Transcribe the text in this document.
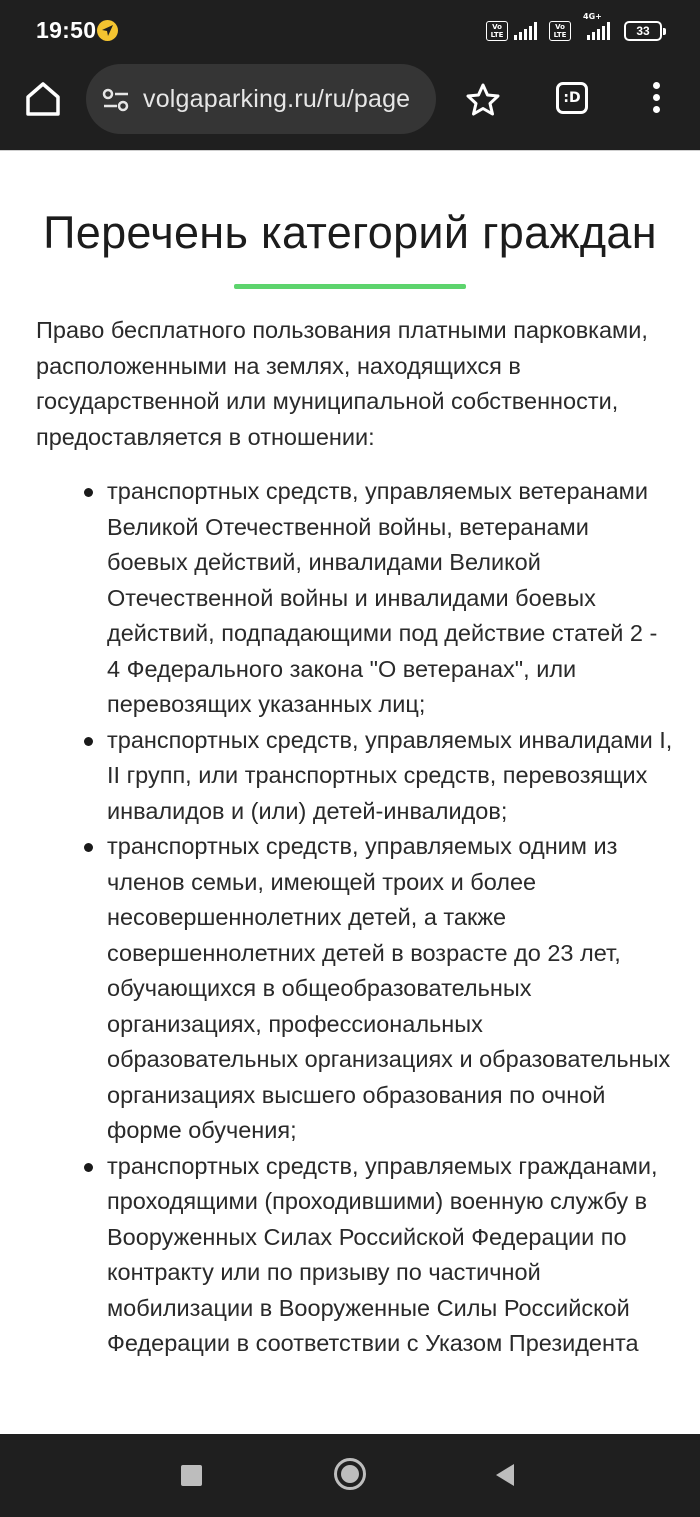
19:50	Vo LTE
Vo LTE
4G+
33
volgaparking.ru/ru/page	:D
Перечень категорий граждан

Право бесплатного пользования платными парковками, расположенными на землях, находящихся в государственной или муниципальной собственности, предоставляется в отношении:

транспортных средств, управляемых ветеранами Великой Отечественной войны, ветеранами боевых действий, инвалидами Великой Отечественной войны и инвалидами боевых действий, подпадающими под действие статей 2 - 4 Федерального закона "О ветеранах", или перевозящих указанных лиц;
транспортных средств, управляемых инвалидами I, II групп, или транспортных средств, перевозящих инвалидов и (или) детей-инвалидов;
транспортных средств, управляемых одним из членов семьи, имеющей троих и более несовершеннолетних детей, а также совершеннолетних детей в возрасте до 23 лет, обучающихся в общеобразовательных организациях, профессиональных образовательных организациях и образовательных организациях высшего образования по очной форме обучения;
транспортных средств, управляемых гражданами, проходящими (проходившими) военную службу в Вооруженных Силах Российской Федерации по контракту или по призыву по частичной мобилизации в Вооруженные Силы Российской Федерации в соответствии с Указом Президента
